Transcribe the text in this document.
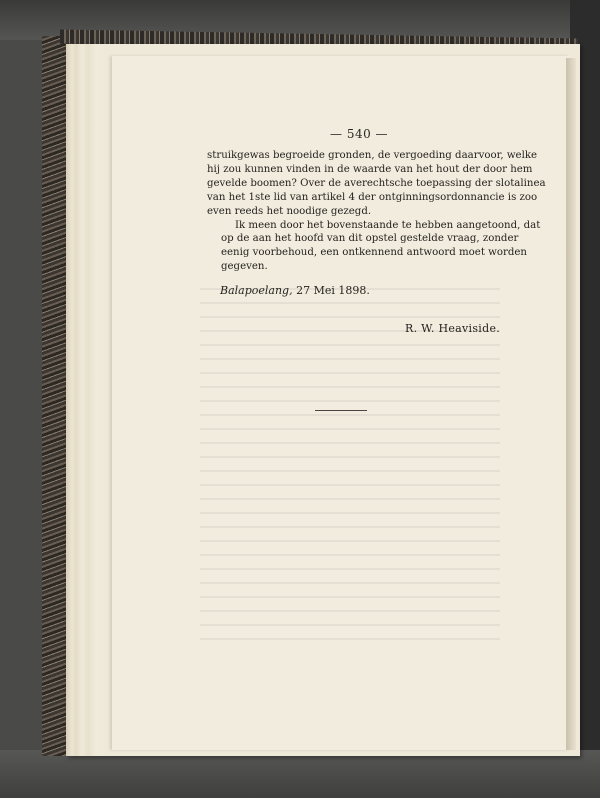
— 540 —

struikgewas begroeide gronden, de vergoeding daarvoor, welke
hij zou kunnen vinden in de waarde van het hout der door hem
gevelde boomen? Over de averechtsche toepassing der slotalinea
van het 1ste lid van artikel 4 der ontginningsordonnancie is zoo
even reeds het noodige gezegd.

Ik meen door het bovenstaande te hebben aangetoond, dat
op de aan het hoofd van dit opstel gestelde vraag, zonder
eenig voorbehoud, een ontkennend antwoord moet worden
gegeven.

Balapoelang, 27 Mei 1898.
R. W. Heaviside.
